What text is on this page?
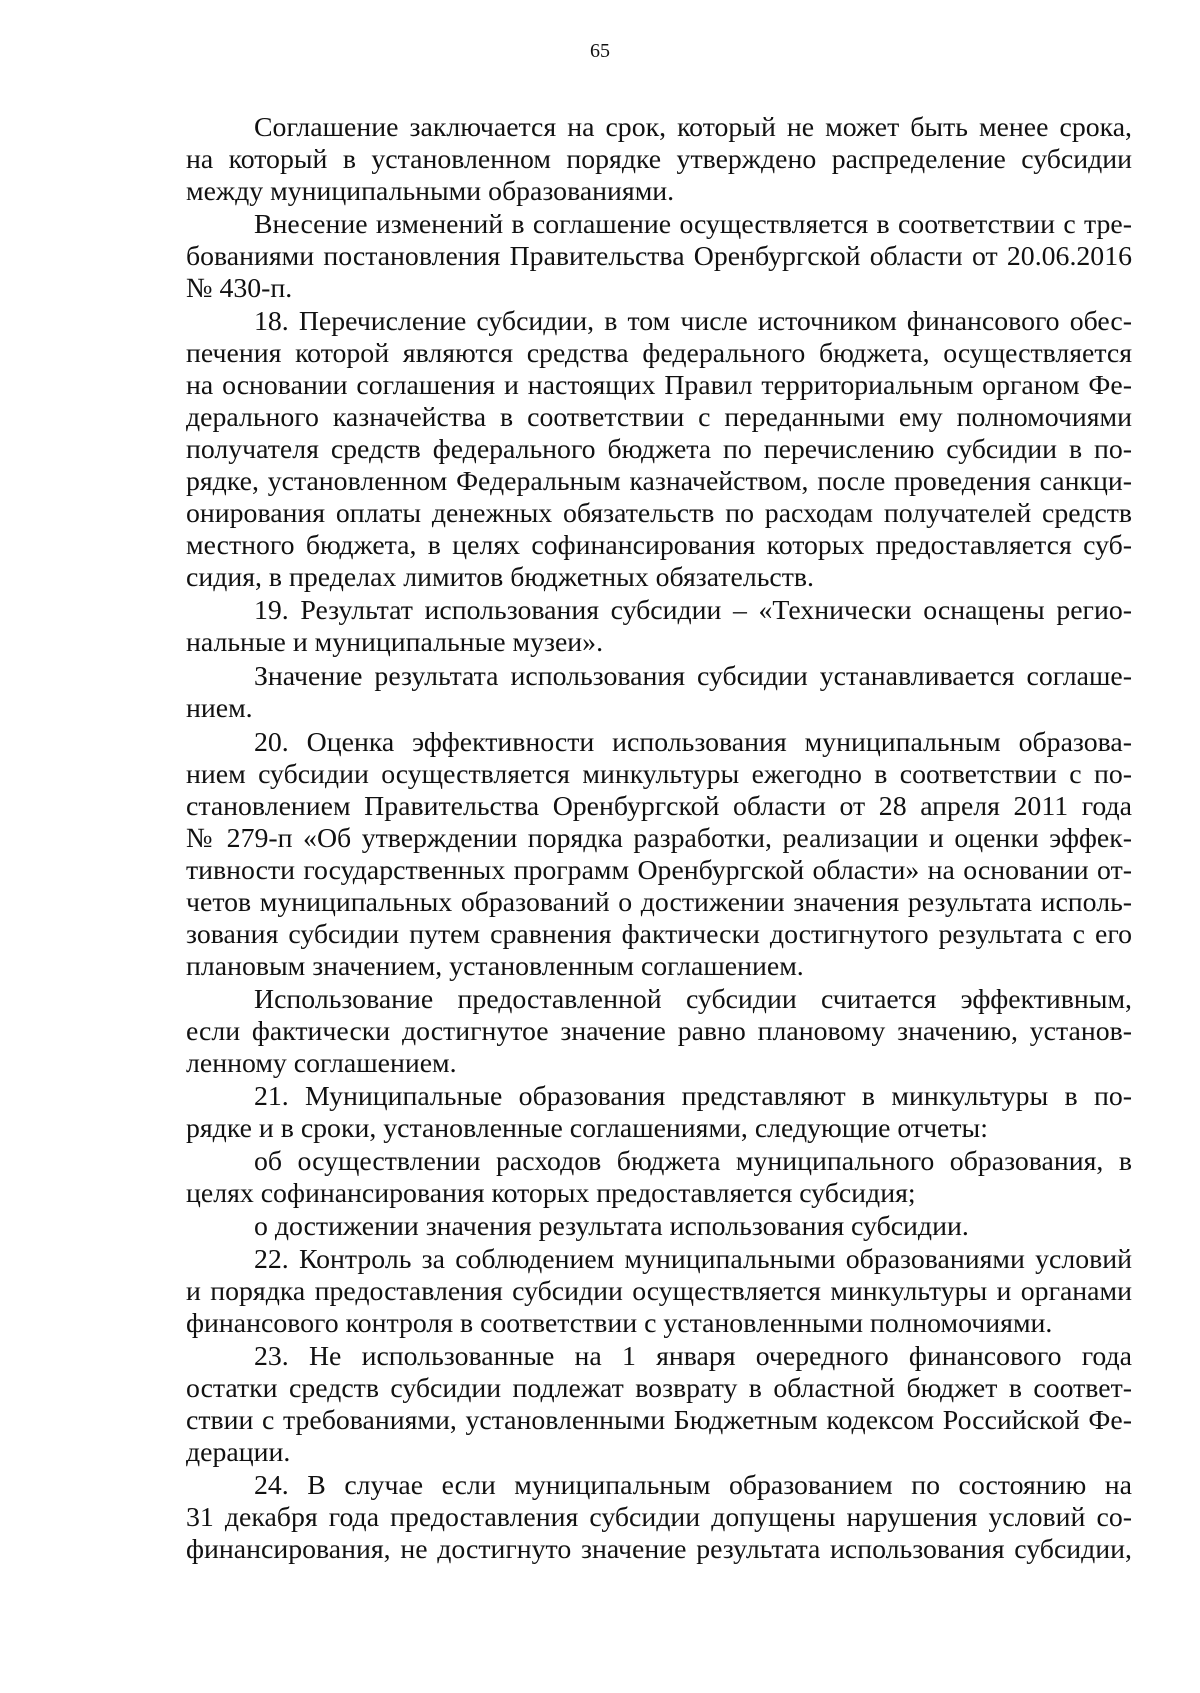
65
Соглашение заключается на срок, который не может быть менее срока,
на который в установленном порядке утверждено распределение субсидии
между муниципальными образованиями.
Внесение изменений в соглашение осуществляется в соответствии с тре-
бованиями постановления Правительства Оренбургской области от 20.06.2016
№ 430-п.
18. Перечисление субсидии, в том числе источником финансового обес-
печения которой являются средства федерального бюджета, осуществляется
на основании соглашения и настоящих Правил территориальным органом Фе-
дерального казначейства в соответствии с переданными ему полномочиями
получателя средств федерального бюджета по перечислению субсидии в по-
рядке, установленном Федеральным казначейством, после проведения санкци-
онирования оплаты денежных обязательств по расходам получателей средств
местного бюджета, в целях софинансирования которых предоставляется суб-
сидия, в пределах лимитов бюджетных обязательств.
19. Результат использования субсидии – «Технически оснащены регио-
нальные и муниципальные музеи».
Значение результата использования субсидии устанавливается соглаше-
нием.
20. Оценка эффективности использования муниципальным образова-
нием субсидии осуществляется минкультуры ежегодно в соответствии с по-
становлением Правительства Оренбургской области от 28 апреля 2011 года
№ 279-п «Об утверждении порядка разработки, реализации и оценки эффек-
тивности государственных программ Оренбургской области» на основании от-
четов муниципальных образований о достижении значения результата исполь-
зования субсидии путем сравнения фактически достигнутого результата с его
плановым значением, установленным соглашением.
Использование предоставленной субсидии считается эффективным,
если фактически достигнутое значение равно плановому значению, установ-
ленному соглашением.
21. Муниципальные образования представляют в минкультуры в по-
рядке и в сроки, установленные соглашениями, следующие отчеты:
об осуществлении расходов бюджета муниципального образования, в
целях софинансирования которых предоставляется субсидия;
о достижении значения результата использования субсидии.
22. Контроль за соблюдением муниципальными образованиями условий
и порядка предоставления субсидии осуществляется минкультуры и органами
финансового контроля в соответствии с установленными полномочиями.
23. Не использованные на 1 января очередного финансового года
остатки средств субсидии подлежат возврату в областной бюджет в соответ-
ствии с требованиями, установленными Бюджетным кодексом Российской Фе-
дерации.
24. В случае если муниципальным образованием по состоянию на
31 декабря года предоставления субсидии допущены нарушения условий со-
финансирования, не достигнуто значение результата использования субсидии,
